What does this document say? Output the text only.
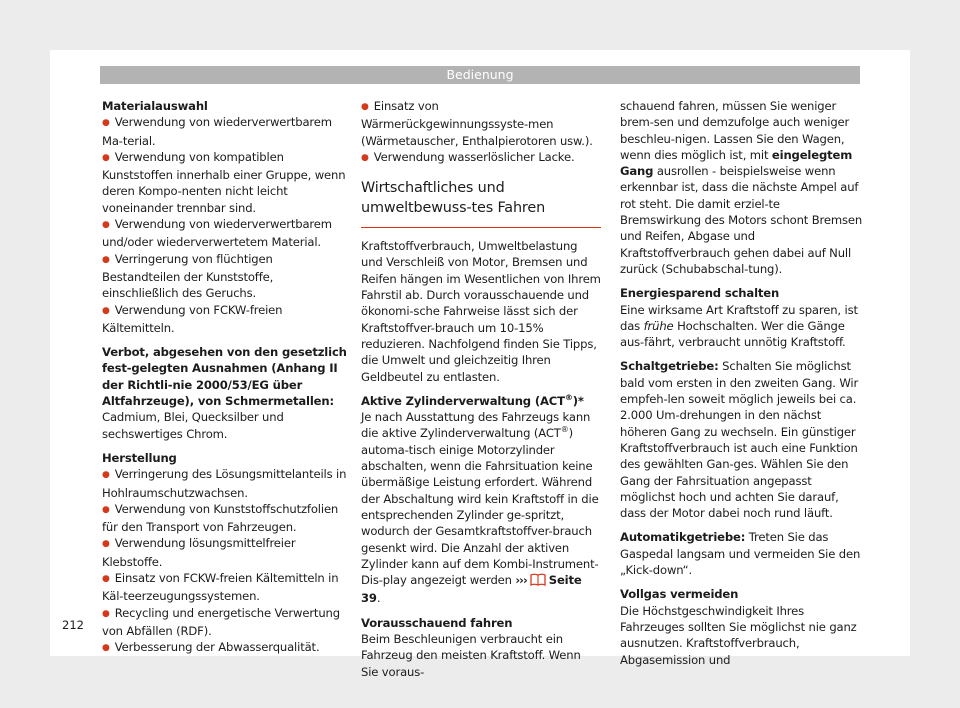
Bedienung

Materialauswahl

● Verwendung von wiederverwertbarem Ma-terial.

● Verwendung von kompatiblen Kunststoffen innerhalb einer Gruppe, wenn deren Kompo-nenten nicht leicht voneinander trennbar sind.

● Verwendung von wiederverwertbarem und/oder wiederverwertetem Material.

● Verringerung von flüchtigen Bestandteilen der Kunststoffe, einschließlich des Geruchs.

● Verwendung von FCKW-freien Kältemitteln.

Verbot, abgesehen von den gesetzlich fest-gelegten Ausnahmen (Anhang II der Richtli-nie 2000/53/EG über Altfahrzeuge), von Schmermetallen: Cadmium, Blei, Quecksilber und sechswertiges Chrom.

Herstellung

● Verringerung des Lösungsmittelanteils in Hohlraumschutzwachsen.

● Verwendung von Kunststoffschutzfolien für den Transport von Fahrzeugen.

● Verwendung lösungsmittelfreier Klebstoffe.

● Einsatz von FCKW-freien Kältemitteln in Käl-teerzeugungssystemen.

● Recycling und energetische Verwertung von Abfällen (RDF).

● Verbesserung der Abwasserqualität.

● Einsatz von Wärmerückgewinnungssyste-men (Wärmetauscher, Enthalpierotoren usw.).

● Verwendung wasserlöslicher Lacke.

Wirtschaftliches und umweltbewuss-tes Fahren

Kraftstoffverbrauch, Umweltbelastung und Verschleiß von Motor, Bremsen und Reifen hängen im Wesentlichen von Ihrem Fahrstil ab. Durch vorausschauende und ökonomi-sche Fahrweise lässt sich der Kraftstoffver-brauch um 10-15% reduzieren. Nachfolgend finden Sie Tipps, die Umwelt und gleichzeitig Ihren Geldbeutel zu entlasten.

Aktive Zylinderverwaltung (ACT®)*

Je nach Ausstattung des Fahrzeugs kann die aktive Zylinderverwaltung (ACT®) automa-tisch einige Motorzylinder abschalten, wenn die Fahrsituation keine übermäßige Leistung erfordert. Während der Abschaltung wird kein Kraftstoff in die entsprechenden Zylinder ge-spritzt, wodurch der Gesamtkraftstoffver-brauch gesenkt wird. Die Anzahl der aktiven Zylinder kann auf dem Kombi-Instrument-Dis-play angezeigt werden ››› Seite 39.

Vorausschauend fahren

Beim Beschleunigen verbraucht ein Fahrzeug den meisten Kraftstoff. Wenn Sie voraus-

schauend fahren, müssen Sie weniger brem-sen und demzufolge auch weniger beschleu-nigen. Lassen Sie den Wagen, wenn dies möglich ist, mit eingelegtem Gang ausrollen - beispielsweise wenn erkennbar ist, dass die nächste Ampel auf rot steht. Die damit erziel-te Bremswirkung des Motors schont Bremsen und Reifen, Abgase und Kraftstoffverbrauch gehen dabei auf Null zurück (Schubabschal-tung).

Energiesparend schalten

Eine wirksame Art Kraftstoff zu sparen, ist das frühe Hochschalten. Wer die Gänge aus-fährt, verbraucht unnötig Kraftstoff.

Schaltgetriebe: Schalten Sie möglichst bald vom ersten in den zweiten Gang. Wir empfeh-len soweit möglich jeweils bei ca. 2.000 Um-drehungen in den nächst höheren Gang zu wechseln. Ein günstiger Kraftstoffverbrauch ist auch eine Funktion des gewählten Gan-ges. Wählen Sie den Gang der Fahrsituation angepasst möglichst hoch und achten Sie darauf, dass der Motor dabei noch rund läuft.

Automatikgetriebe: Treten Sie das Gaspedal langsam und vermeiden Sie den „Kick-down“.

Vollgas vermeiden

Die Höchstgeschwindigkeit Ihres Fahrzeuges sollten Sie möglichst nie ganz ausnutzen. Kraftstoffverbrauch, Abgasemission und

212
